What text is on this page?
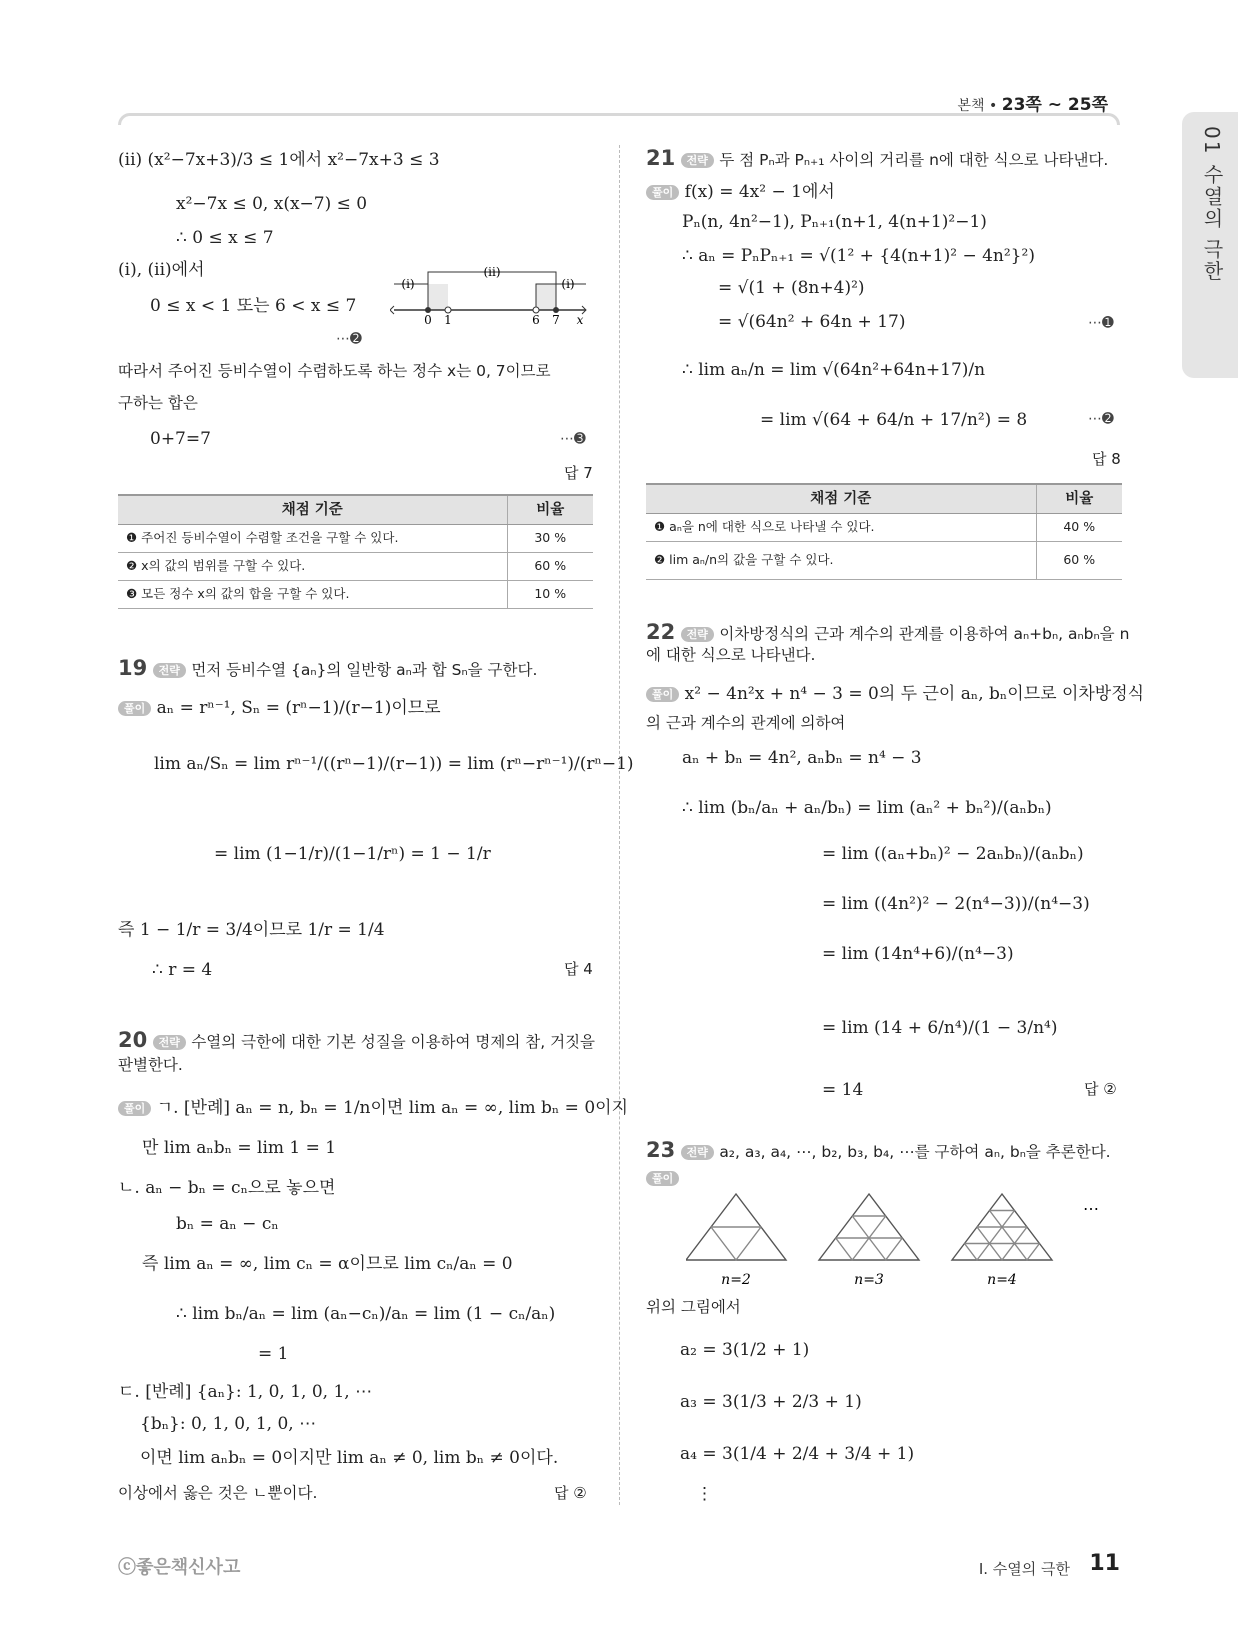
본책 • 23쪽 ~ 25쪽
01 수열의 극한
(ii) (x²−7x+3)/3 ≤ 1에서 x²−7x+3 ≤ 3
x²−7x ≤ 0, x(x−7) ≤ 0
∴ 0 ≤ x ≤ 7
(i), (ii)에서
0 ≤ x < 1 또는 6 < x ≤ 7
(i)
(ii)
(i)
0 1	6 7 x
⋯➋
따라서 주어진 등비수열이 수렴하도록 하는 정수 x는 0, 7이므로
구하는 합은
0+7=7	⋯➌
답 7
채점 기준	비율
❶ 주어진 등비수열이 수렴할 조건을 구할 수 있다.	30 %
❷ x의 값의 범위를 구할 수 있다.	60 %
❸ 모든 정수 x의 값의 합을 구할 수 있다.	10 %
19 전략 먼저 등비수열 {aₙ}의 일반항 aₙ과 합 Sₙ을 구한다.
풀이 aₙ = rⁿ⁻¹, Sₙ = (rⁿ−1)/(r−1)이므로
lim aₙ/Sₙ = lim rⁿ⁻¹/((rⁿ−1)/(r−1)) = lim (rⁿ−rⁿ⁻¹)/(rⁿ−1)
= lim (1−1/r)/(1−1/rⁿ) = 1 − 1/r
즉 1 − 1/r = 3/4이므로 1/r = 1/4
∴ r = 4	답 4
20 전략 수열의 극한에 대한 기본 성질을 이용하여 명제의 참, 거짓을
판별한다.
풀이 ㄱ. [반례] aₙ = n, bₙ = 1/n이면 lim aₙ = ∞, lim bₙ = 0이지
만 lim aₙbₙ = lim 1 = 1
ㄴ. aₙ − bₙ = cₙ으로 놓으면
bₙ = aₙ − cₙ
즉 lim aₙ = ∞, lim cₙ = α이므로 lim cₙ/aₙ = 0
∴ lim bₙ/aₙ = lim (aₙ−cₙ)/aₙ = lim (1 − cₙ/aₙ)
= 1
ㄷ. [반례] {aₙ}: 1, 0, 1, 0, 1, ⋯
{bₙ}: 0, 1, 0, 1, 0, ⋯
이면 lim aₙbₙ = 0이지만 lim aₙ ≠ 0, lim bₙ ≠ 0이다.
이상에서 옳은 것은 ㄴ뿐이다.	답 ②
21 전략 두 점 Pₙ과 Pₙ₊₁ 사이의 거리를 n에 대한 식으로 나타낸다.
풀이 f(x) = 4x² − 1에서
Pₙ(n, 4n²−1), Pₙ₊₁(n+1, 4(n+1)²−1)
∴ aₙ = PₙPₙ₊₁ = √(1² + {4(n+1)² − 4n²}²)
= √(1 + (8n+4)²)
= √(64n² + 64n + 17)	⋯➊
∴ lim aₙ/n = lim √(64n²+64n+17)/n
= lim √(64 + 64/n + 17/n²) = 8	⋯➋
답 8
채점 기준	비율
❶ aₙ을 n에 대한 식으로 나타낼 수 있다.	40 %
❷ lim aₙ/n의 값을 구할 수 있다.	60 %
22 전략 이차방정식의 근과 계수의 관계를 이용하여 aₙ+bₙ, aₙbₙ을 n
에 대한 식으로 나타낸다.
풀이 x² − 4n²x + n⁴ − 3 = 0의 두 근이 aₙ, bₙ이므로 이차방정식
의 근과 계수의 관계에 의하여
aₙ + bₙ = 4n², aₙbₙ = n⁴ − 3
∴ lim (bₙ/aₙ + aₙ/bₙ) = lim (aₙ² + bₙ²)/(aₙbₙ)
= lim ((aₙ+bₙ)² − 2aₙbₙ)/(aₙbₙ)
= lim ((4n²)² − 2(n⁴−3))/(n⁴−3)
= lim (14n⁴+6)/(n⁴−3)
= lim (14 + 6/n⁴)/(1 − 3/n⁴)
= 14	답 ②
23 전략 a₂, a₃, a₄, ⋯, b₂, b₃, b₄, ⋯를 구하여 aₙ, bₙ을 추론한다.
풀이
n=2	n=3	n=4
⋯
위의 그림에서
a₂ = 3(1/2 + 1)
a₃ = 3(1/3 + 2/3 + 1)
a₄ = 3(1/4 + 2/4 + 3/4 + 1)
⋮
ⓒ좋은책신사고	Ⅰ. 수열의 극한 11
